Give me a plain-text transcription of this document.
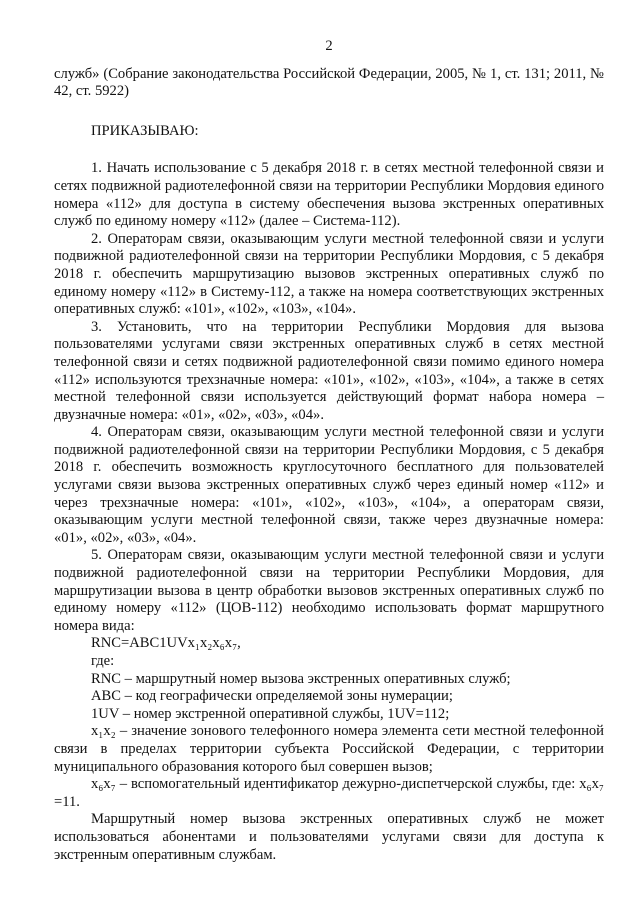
2

служб» (Собрание законодательства Российской Федерации, 2005, № 1, ст. 131; 2011, № 42, ст. 5922)

ПРИКАЗЫВАЮ:

1. Начать использование с 5 декабря 2018 г. в сетях местной телефонной связи и сетях подвижной радиотелефонной связи на территории Республики Мордовия единого номера «112» для доступа в систему обеспечения вызова экстренных оперативных служб по единому номеру «112» (далее – Система-112).

2. Операторам связи, оказывающим услуги местной телефонной связи и услуги подвижной радиотелефонной связи на территории Республики Мордовия, с 5 декабря 2018 г. обеспечить маршрутизацию вызовов экстренных оперативных служб по единому номеру «112» в Систему-112, а также на номера соответствующих экстренных оперативных служб: «101», «102», «103», «104».

3. Установить, что на территории Республики Мордовия для вызова пользователями услугами связи экстренных оперативных служб в сетях местной телефонной связи и сетях подвижной радиотелефонной связи помимо единого номера «112» используются трехзначные номера: «101», «102», «103», «104», а также в сетях местной телефонной связи используется действующий формат набора номера – двузначные номера: «01», «02», «03», «04».

4. Операторам связи, оказывающим услуги местной телефонной связи и услуги подвижной радиотелефонной связи на территории Республики Мордовия, с 5 декабря 2018 г. обеспечить возможность круглосуточного бесплатного для пользователей услугами связи вызова экстренных оперативных служб через единый номер «112» и через трехзначные номера: «101», «102», «103», «104», а операторам связи, оказывающим услуги местной телефонной связи, также через двузначные номера: «01», «02», «03», «04».

5. Операторам связи, оказывающим услуги местной телефонной связи и услуги подвижной радиотелефонной связи на территории Республики Мордовия, для маршрутизации вызова в центр обработки вызовов экстренных оперативных служб по единому номеру «112» (ЦОВ-112) необходимо использовать формат маршрутного номера вида:

RNC=ABC1UVx₁x₂x₆x₇,

где:

RNC – маршрутный номер вызова экстренных оперативных служб;

ABC – код географически определяемой зоны нумерации;

1UV – номер экстренной оперативной службы, 1UV=112;

x₁x₂ – значение зонового телефонного номера элемента сети местной телефонной связи в пределах территории субъекта Российской Федерации, с территории муниципального образования которого был совершен вызов;

x₆x₇ – вспомогательный идентификатор дежурно-диспетчерской службы, где: x₆x₇ =11.

Маршрутный номер вызова экстренных оперативных служб не может использоваться абонентами и пользователями услугами связи для доступа к экстренным оперативным службам.
